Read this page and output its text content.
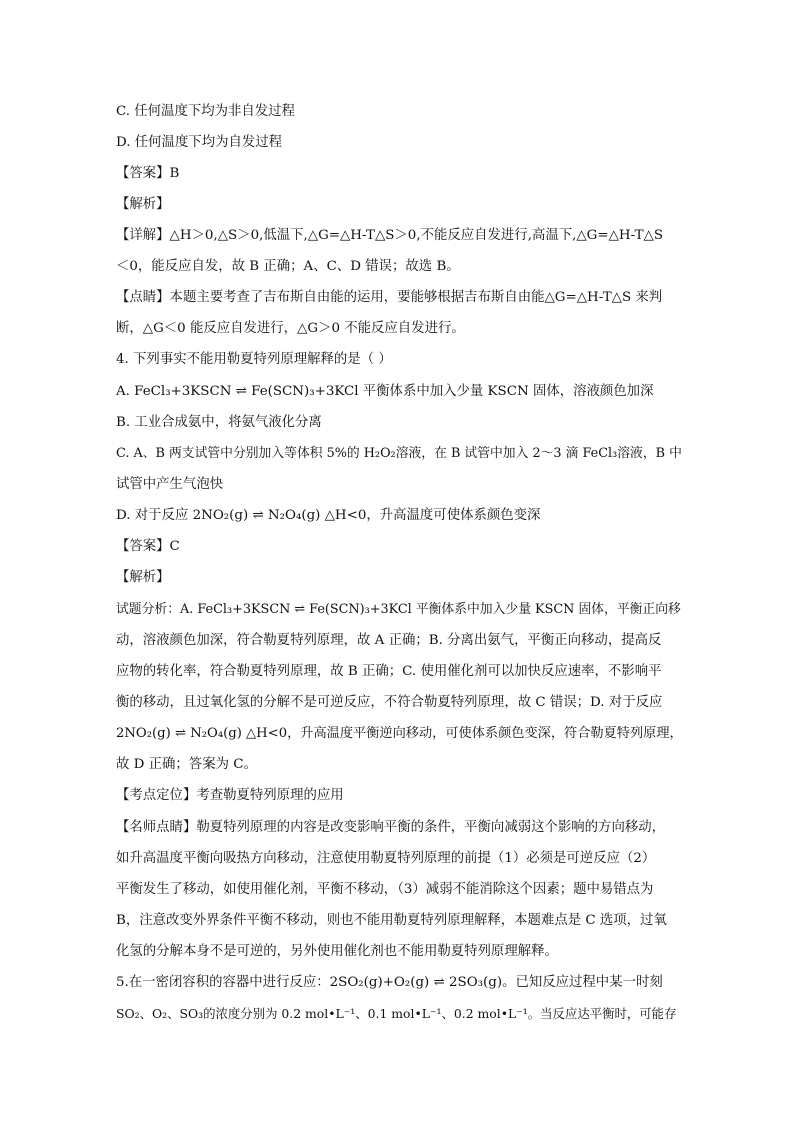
C. 任何温度下均为非自发过程
D. 任何温度下均为自发过程
【答案】B
【解析】
【详解】△H＞0,△S＞0,低温下,△G=△H-T△S＞0,不能反应自发进行,高温下,△G=△H-T△S
＜0，能反应自发，故 B 正确；A、C、D 错误；故选 B。
【点睛】本题主要考查了吉布斯自由能的运用，要能够根据吉布斯自由能△G=△H-T△S 来判
断，△G＜0 能反应自发进行，△G＞0 不能反应自发进行。
4. 下列事实不能用勒夏特列原理解释的是（ ）
A. FeCl₃+3KSCN ⇌ Fe(SCN)₃+3KCl 平衡体系中加入少量 KSCN 固体，溶液颜色加深
B. 工业合成氨中，将氨气液化分离
C. A、B 两支试管中分别加入等体积 5%的 H₂O₂溶液，在 B 试管中加入 2～3 滴 FeCl₃溶液，B 中
试管中产生气泡快
D. 对于反应 2NO₂(g) ⇌ N₂O₄(g) △H<0，升高温度可使体系颜色变深
【答案】C
【解析】
试题分析：A. FeCl₃+3KSCN ⇌ Fe(SCN)₃+3KCl 平衡体系中加入少量 KSCN 固体，平衡正向移
动，溶液颜色加深，符合勒夏特列原理，故 A 正确；B. 分离出氨气，平衡正向移动，提高反
应物的转化率，符合勒夏特列原理，故 B 正确；C. 使用催化剂可以加快反应速率，不影响平
衡的移动，且过氧化氢的分解不是可逆反应，不符合勒夏特列原理，故 C 错误；D. 对于反应
2NO₂(g) ⇌ N₂O₄(g) △H<0，升高温度平衡逆向移动，可使体系颜色变深，符合勒夏特列原理，
故 D 正确；答案为 C。
【考点定位】考查勒夏特列原理的应用
【名师点睛】勒夏特列原理的内容是改变影响平衡的条件，平衡向减弱这个影响的方向移动，
如升高温度平衡向吸热方向移动，注意使用勒夏特列原理的前提（1）必须是可逆反应（2）
平衡发生了移动，如使用催化剂，平衡不移动，（3）减弱不能消除这个因素；题中易错点为
B，注意改变外界条件平衡不移动，则也不能用勒夏特列原理解释，本题难点是 C 选项，过氧
化氢的分解本身不是可逆的，另外使用催化剂也不能用勒夏特列原理解释。
5.在一密闭容积的容器中进行反应：2SO₂(g)+O₂(g) ⇌ 2SO₃(g)。已知反应过程中某一时刻
SO₂、O₂、SO₃的浓度分别为 0.2 mol•L⁻¹、0.1 mol•L⁻¹、0.2 mol•L⁻¹。当反应达平衡时，可能存
